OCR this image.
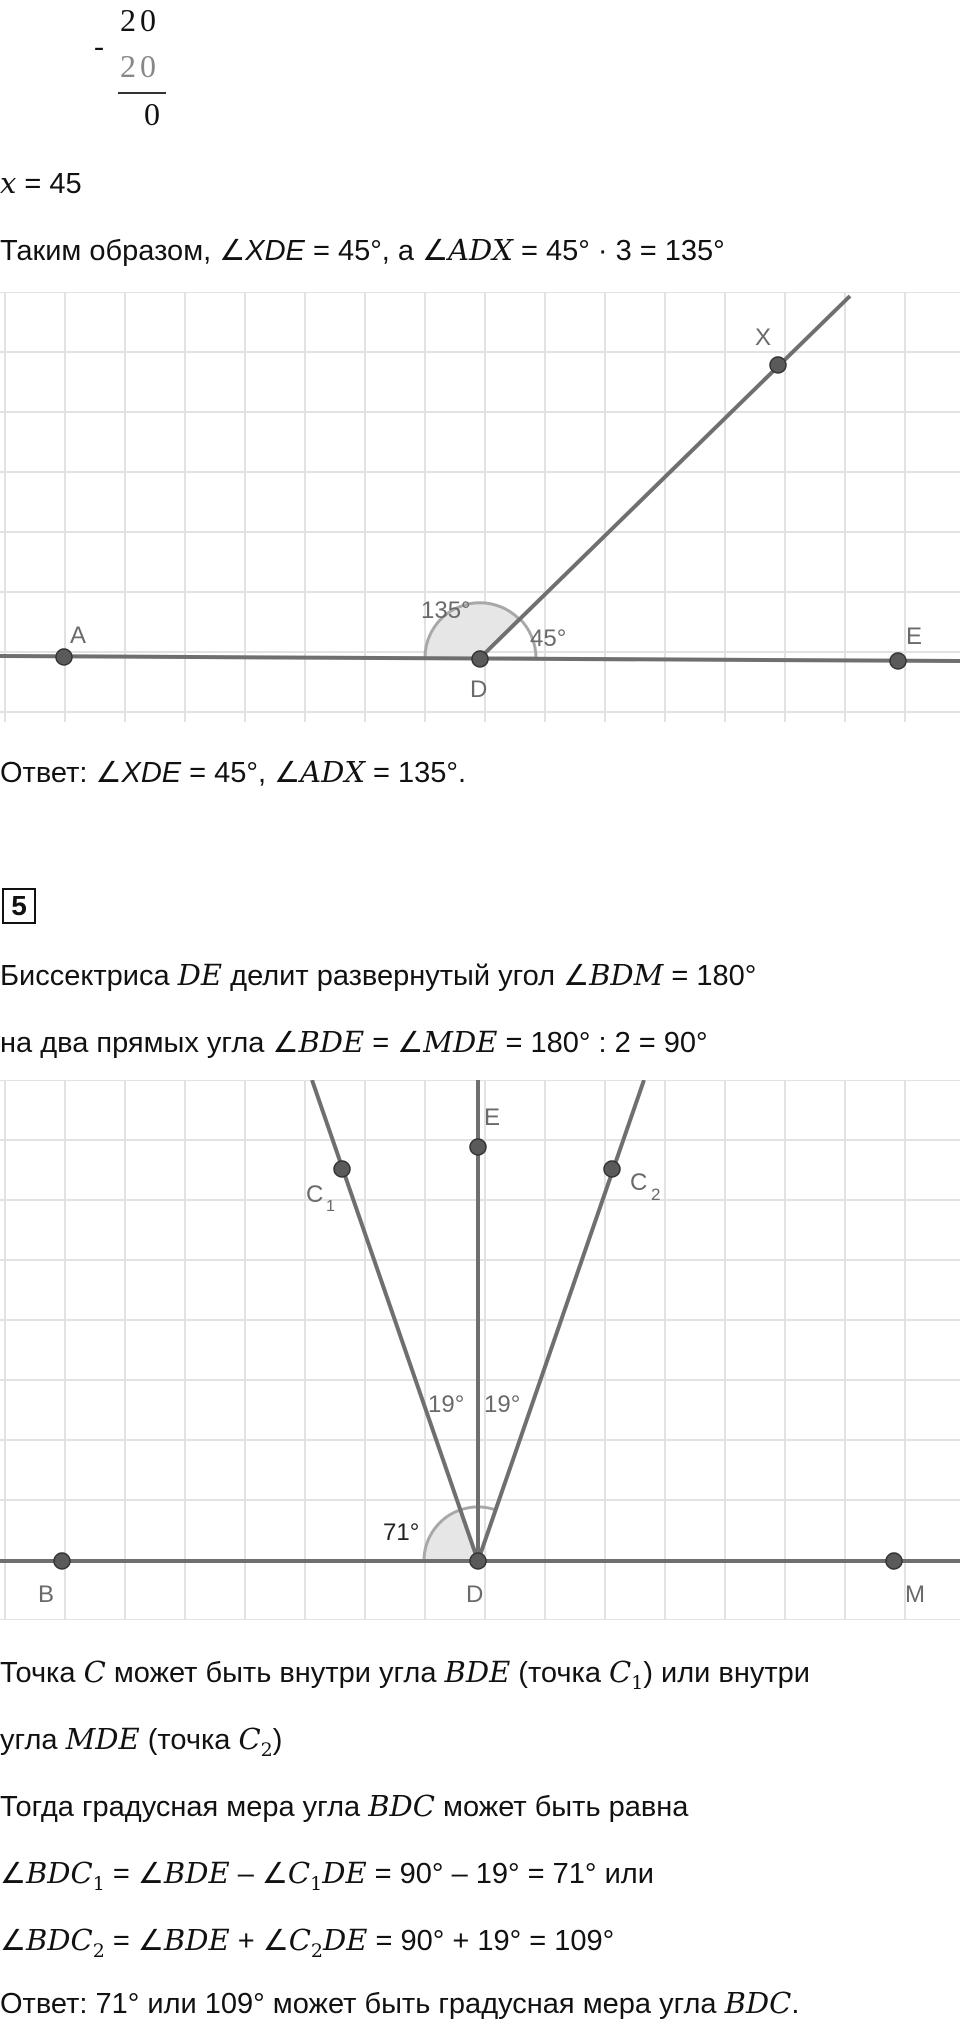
-
20
20
0
x = 45
Таким образом, ∠XDE = 45°, а ∠ADX = 45° · 3 = 135°
A
D
E
X
135°
45°
Ответ: ∠XDE = 45°, ∠ADX = 135°.
5
Биссектриса DE делит развернутый угол ∠BDM = 180°
на два прямых угла ∠BDE = ∠MDE = 180° : 2 = 90°
B	D	M
E
C 1
C 2
19° 19°
71°
Точка C может быть внутри угла BDE (точка $C_1$) или внутри
угла MDE (точка $C_2$)
Тогда градусная мера угла BDC может быть равна
$\angle BDC_1$ = ∠BDE – $\angle C_1DE = 90^\circ - 19^\circ = 71^\circ$ или
$\angle BDC_2$ = ∠BDE + $\angle C_2DE = 90^\circ + 19^\circ = 109^\circ$
Ответ: 71° или 109° может быть градусная мера угла BDC.
